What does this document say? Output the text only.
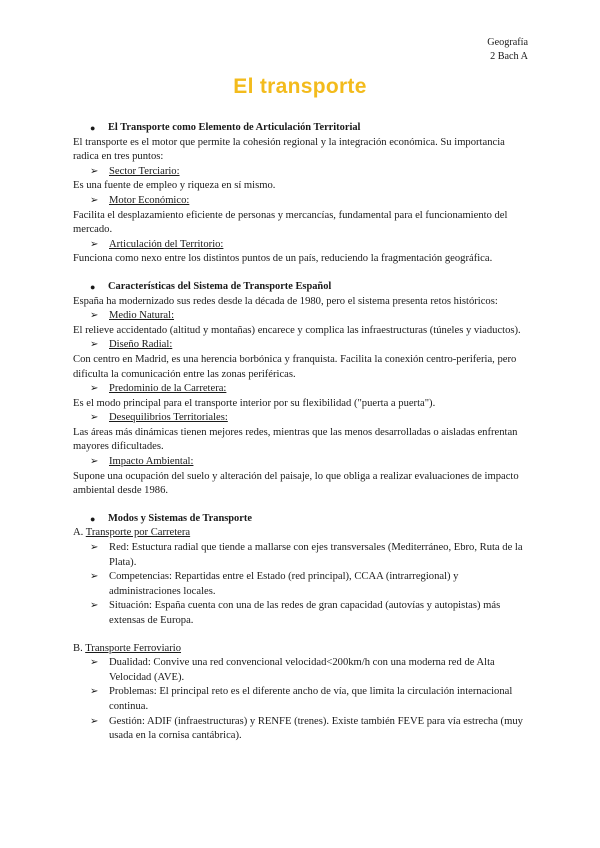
Geografía
2 Bach A
El transporte
● El Transporte como Elemento de Articulación Territorial

El transporte es el motor que permite la cohesión regional y la integración económica. Su importancia radica en tres puntos:

➢ Sector Terciario:

Es una fuente de empleo y riqueza en sí mismo.

➢ Motor Económico:

Facilita el desplazamiento eficiente de personas y mercancías, fundamental para el funcionamiento del mercado.

➢ Articulación del Territorio:

Funciona como nexo entre los distintos puntos de un país, reduciendo la fragmentación geográfica.

● Características del Sistema de Transporte Español

España ha modernizado sus redes desde la década de 1980, pero el sistema presenta retos históricos:

➢ Medio Natural:

El relieve accidentado (altitud y montañas) encarece y complica las infraestructuras (túneles y viaductos).

➢ Diseño Radial:

Con centro en Madrid, es una herencia borbónica y franquista. Facilita la conexión centro-periferia, pero dificulta la comunicación entre las zonas periféricas.

➢ Predominio de la Carretera:

Es el modo principal para el transporte interior por su flexibilidad ("puerta a puerta").

➢ Desequilibrios Territoriales:

Las áreas más dinámicas tienen mejores redes, mientras que las menos desarrolladas o aisladas enfrentan mayores dificultades.

➢ Impacto Ambiental:

Supone una ocupación del suelo y alteración del paisaje, lo que obliga a realizar evaluaciones de impacto ambiental desde 1986.

● Modos y Sistemas de Transporte

A. Transporte por Carretera

➢ Red: Estuctura radial que tiende a mallarse con ejes transversales (Mediterráneo, Ebro, Ruta de la Plata).
➢ Competencias: Repartidas entre el Estado (red principal), CCAA (intrarregional) y administraciones locales.
➢ Situación: España cuenta con una de las redes de gran capacidad (autovías y autopistas) más extensas de Europa.

B. Transporte Ferroviario

➢ Dualidad: Convive una red convencional velocidad<200km/h con una moderna red de Alta Velocidad (AVE).
➢ Problemas: El principal reto es el diferente ancho de vía, que limita la circulación internacional continua.
➢ Gestión: ADIF (infraestructuras) y RENFE (trenes). Existe también FEVE para vía estrecha (muy usada en la cornisa cantábrica).
